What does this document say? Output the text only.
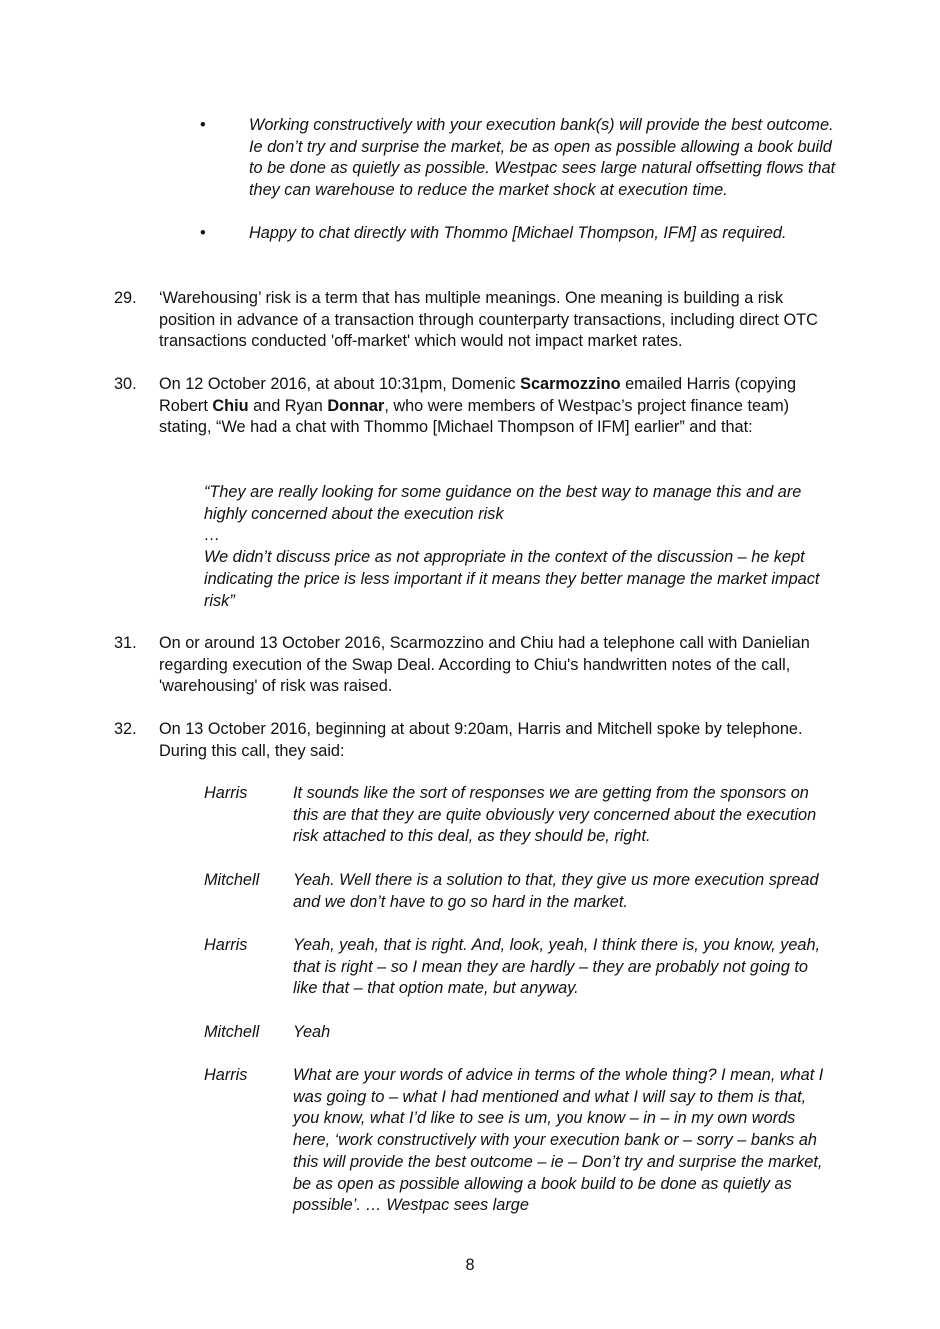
•	Working constructively with your execution bank(s) will provide the best outcome. Ie don’t try and surprise the market, be as open as possible allowing a book build to be done as quietly as possible. Westpac sees large natural offsetting flows that they can warehouse to reduce the market shock at execution time.
•	Happy to chat directly with Thommo [Michael Thompson, IFM] as required.
29.	‘Warehousing’ risk is a term that has multiple meanings. One meaning is building a risk position in advance of a transaction through counterparty transactions, including direct OTC transactions conducted 'off-market' which would not impact market rates.
30.	On 12 October 2016, at about 10:31pm, Domenic Scarmozzino emailed Harris (copying Robert Chiu and Ryan Donnar, who were members of Westpac’s project finance team) stating, “We had a chat with Thommo [Michael Thompson of IFM] earlier” and that:
“They are really looking for some guidance on the best way to manage this and are highly concerned about the execution risk
…
We didn’t discuss price as not appropriate in the context of the discussion – he kept indicating the price is less important if it means they better manage the market impact risk”
31.	On or around 13 October 2016, Scarmozzino and Chiu had a telephone call with Danielian regarding execution of the Swap Deal. According to Chiu's handwritten notes of the call, 'warehousing' of risk was raised.
32.	On 13 October 2016, beginning at about 9:20am, Harris and Mitchell spoke by telephone. During this call, they said:
Harris	It sounds like the sort of responses we are getting from the sponsors on this are that they are quite obviously very concerned about the execution risk attached to this deal, as they should be, right.
Mitchell	Yeah. Well there is a solution to that, they give us more execution spread and we don’t have to go so hard in the market.
Harris	Yeah, yeah, that is right. And, look, yeah, I think there is, you know, yeah, that is right – so I mean they are hardly – they are probably not going to like that – that option mate, but anyway.
Mitchell	Yeah
Harris	What are your words of advice in terms of the whole thing? I mean, what I was going to – what I had mentioned and what I will say to them is that, you know, what I’d like to see is um, you know – in – in my own words here, ‘work constructively with your execution bank or – sorry – banks ah this will provide the best outcome – ie – Don’t try and surprise the market, be as open as possible allowing a book build to be done as quietly as possible’. … Westpac sees large
8
